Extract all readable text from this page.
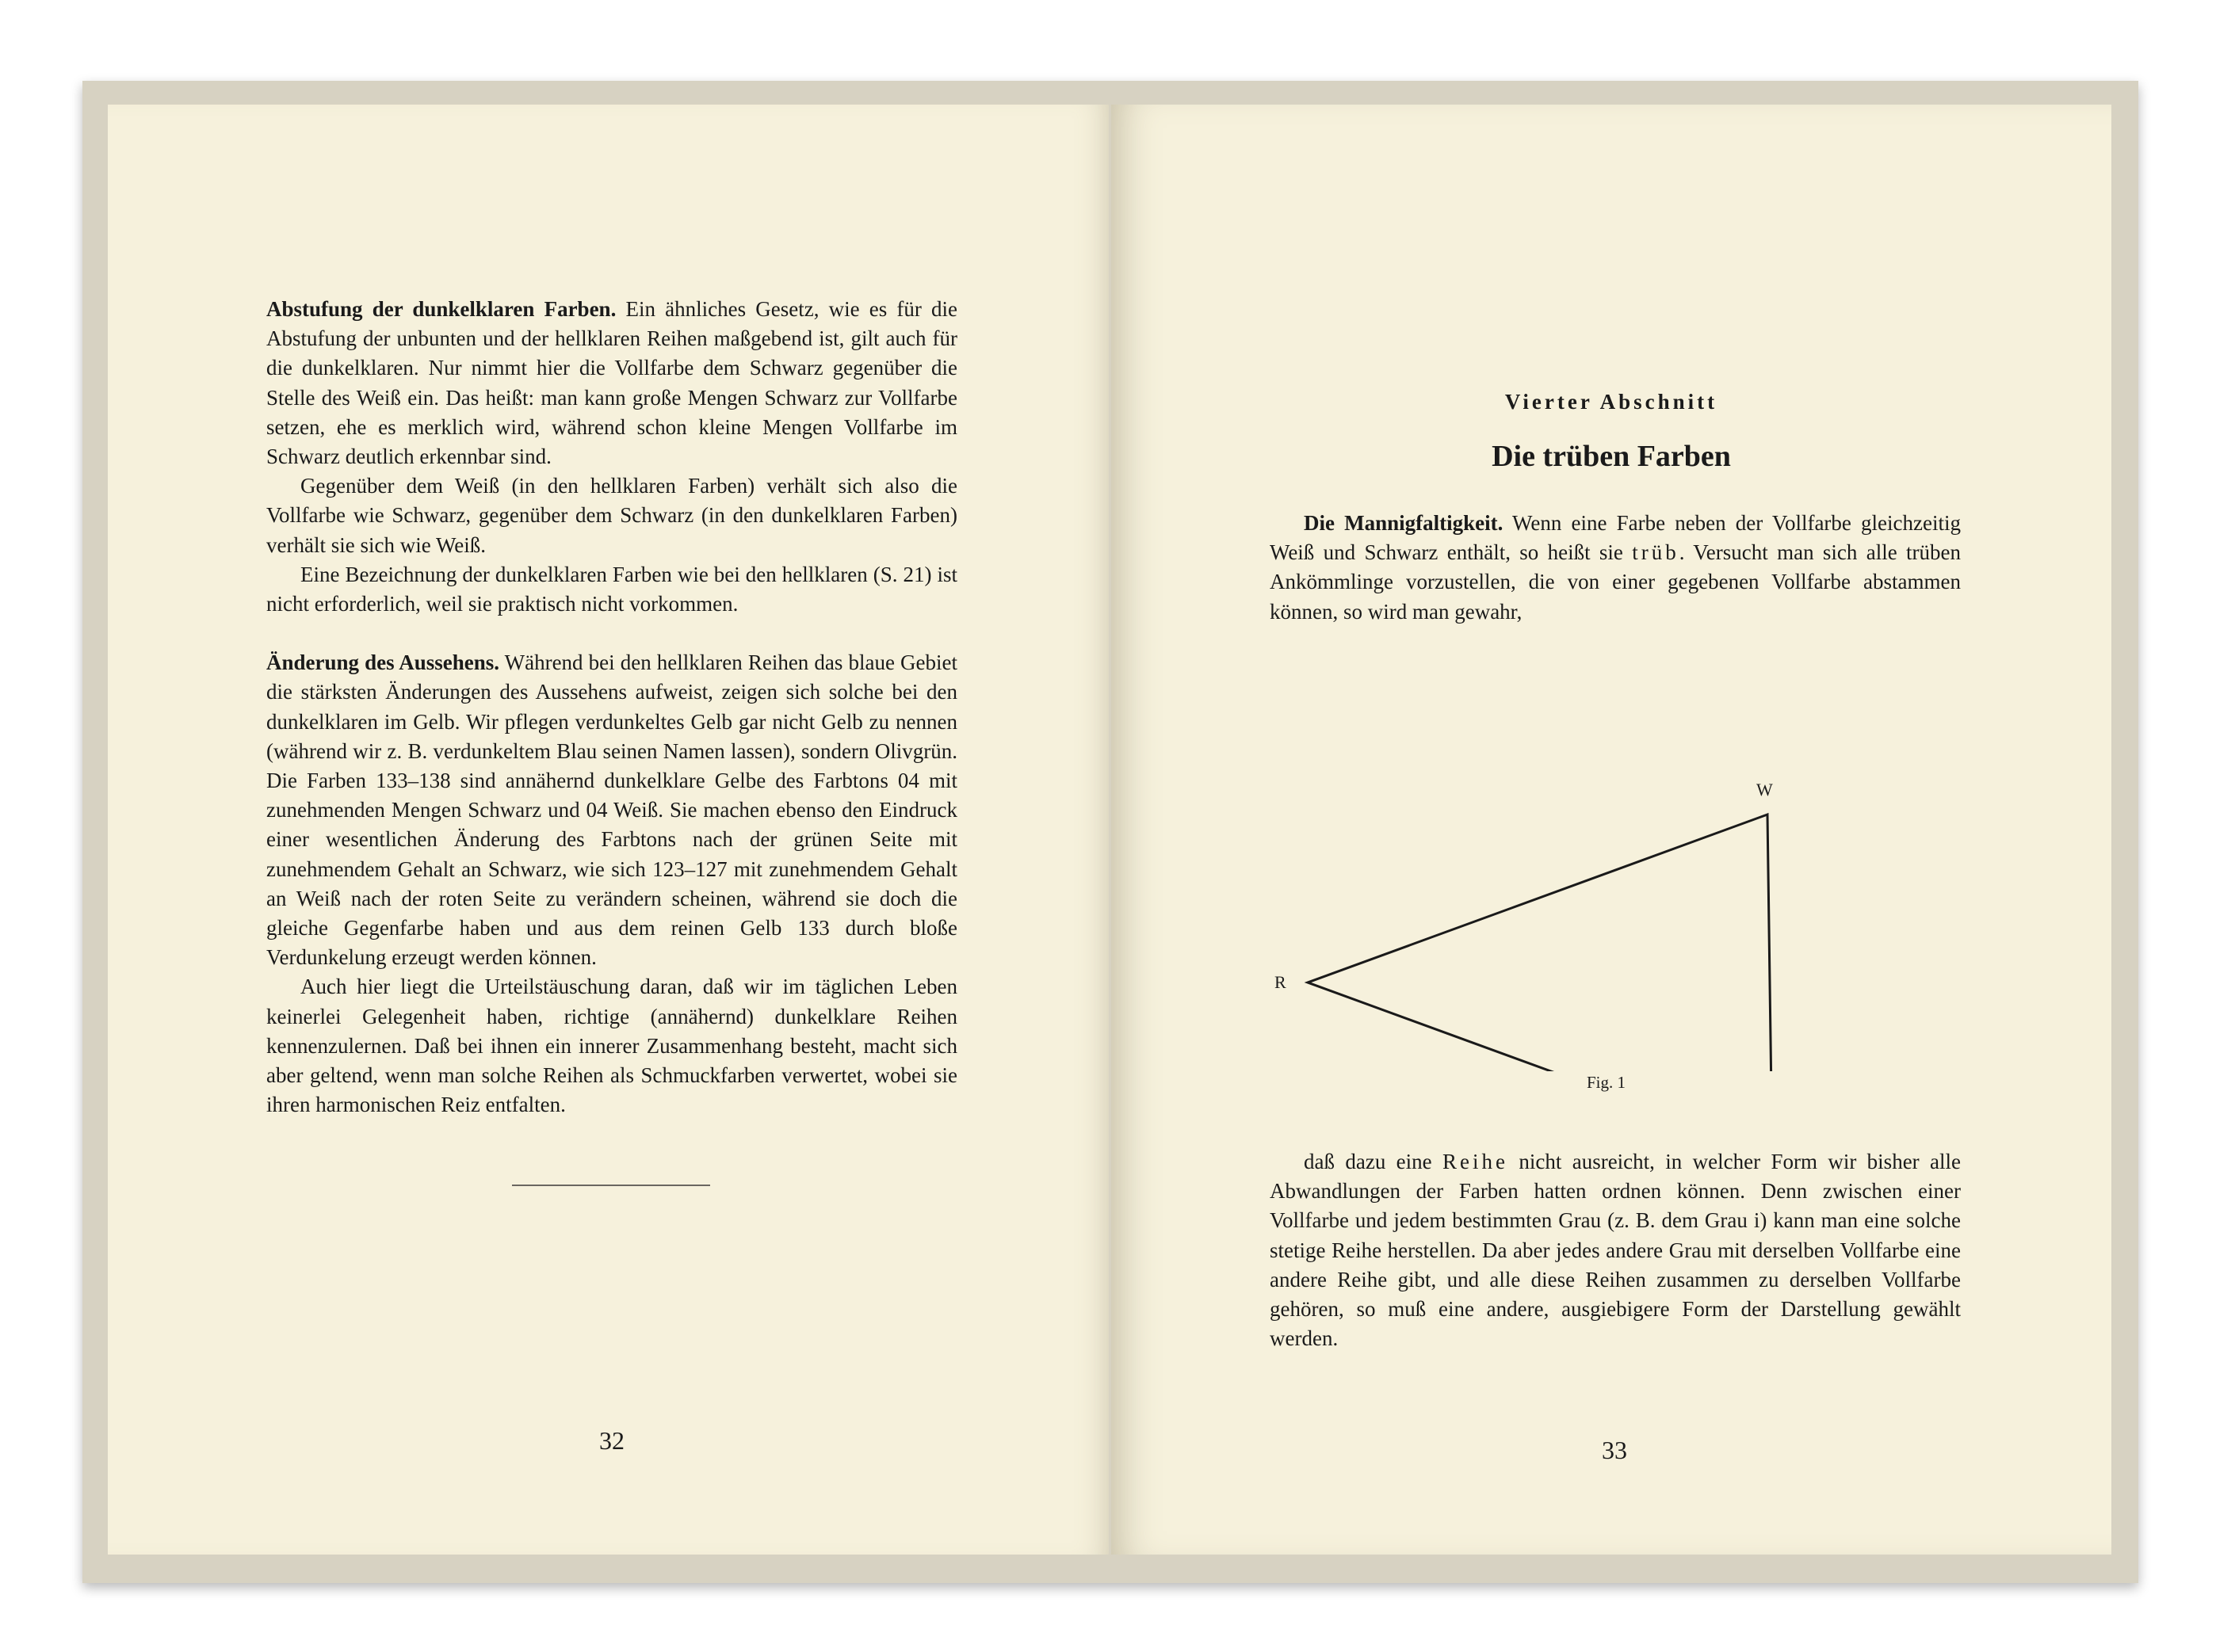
Abstufung der dunkelklaren Farben. Ein ähnliches Gesetz, wie es für die Abstufung der unbunten und der hellklaren Reihen maßgebend ist, gilt auch für die dunkelklaren. Nur nimmt hier die Vollfarbe dem Schwarz gegenüber die Stelle des Weiß ein. Das heißt: man kann große Mengen Schwarz zur Vollfarbe setzen, ehe es merklich wird, während schon kleine Mengen Vollfarbe im Schwarz deutlich erkennbar sind.

Gegenüber dem Weiß (in den hellklaren Farben) verhält sich also die Vollfarbe wie Schwarz, gegenüber dem Schwarz (in den dunkelklaren Farben) verhält sie sich wie Weiß.

Eine Bezeichnung der dunkelklaren Farben wie bei den hellklaren (S. 21) ist nicht erforderlich, weil sie praktisch nicht vorkommen.

Änderung des Aussehens. Während bei den hellklaren Reihen das blaue Gebiet die stärksten Änderungen des Aussehens aufweist, zeigen sich solche bei den dunkelklaren im Gelb. Wir pflegen verdunkeltes Gelb gar nicht Gelb zu nennen (während wir z. B. verdunkeltem Blau seinen Namen lassen), sondern Olivgrün. Die Farben 133–138 sind annähernd dunkelklare Gelbe des Farbtons 04 mit zunehmenden Mengen Schwarz und 04 Weiß. Sie machen ebenso den Eindruck einer wesentlichen Änderung des Farbtons nach der grünen Seite mit zunehmendem Gehalt an Schwarz, wie sich 123–127 mit zunehmendem Gehalt an Weiß nach der roten Seite zu verändern scheinen, während sie doch die gleiche Gegenfarbe haben und aus dem reinen Gelb 133 durch bloße Verdunkelung erzeugt werden können.

Auch hier liegt die Urteilstäuschung daran, daß wir im täglichen Leben keinerlei Gelegenheit haben, richtige (annähernd) dunkelklare Reihen kennenzulernen. Daß bei ihnen ein innerer Zusammenhang besteht, macht sich aber geltend, wenn man solche Reihen als Schmuckfarben verwertet, wobei sie ihren harmonischen Reiz entfalten.

32
Vierter Abschnitt
Die trüben Farben

Die Mannigfaltigkeit. Wenn eine Farbe neben der Vollfarbe gleichzeitig Weiß und Schwarz enthält, so heißt sie trüb. Versucht man sich alle trüben Ankömmlinge vorzustellen, die von einer gegebenen Vollfarbe abstammen können, so wird man gewahr,

W
R
Fig. 1

daß dazu eine Reihe nicht ausreicht, in welcher Form wir bisher alle Abwandlungen der Farben hatten ordnen können. Denn zwischen einer Vollfarbe und jedem bestimmten Grau (z. B. dem Grau i) kann man eine solche stetige Reihe herstellen. Da aber jedes andere Grau mit derselben Vollfarbe eine andere Reihe gibt, und alle diese Reihen zusammen zu derselben Vollfarbe gehören, so muß eine andere, ausgiebigere Form der Darstellung gewählt werden.

33
